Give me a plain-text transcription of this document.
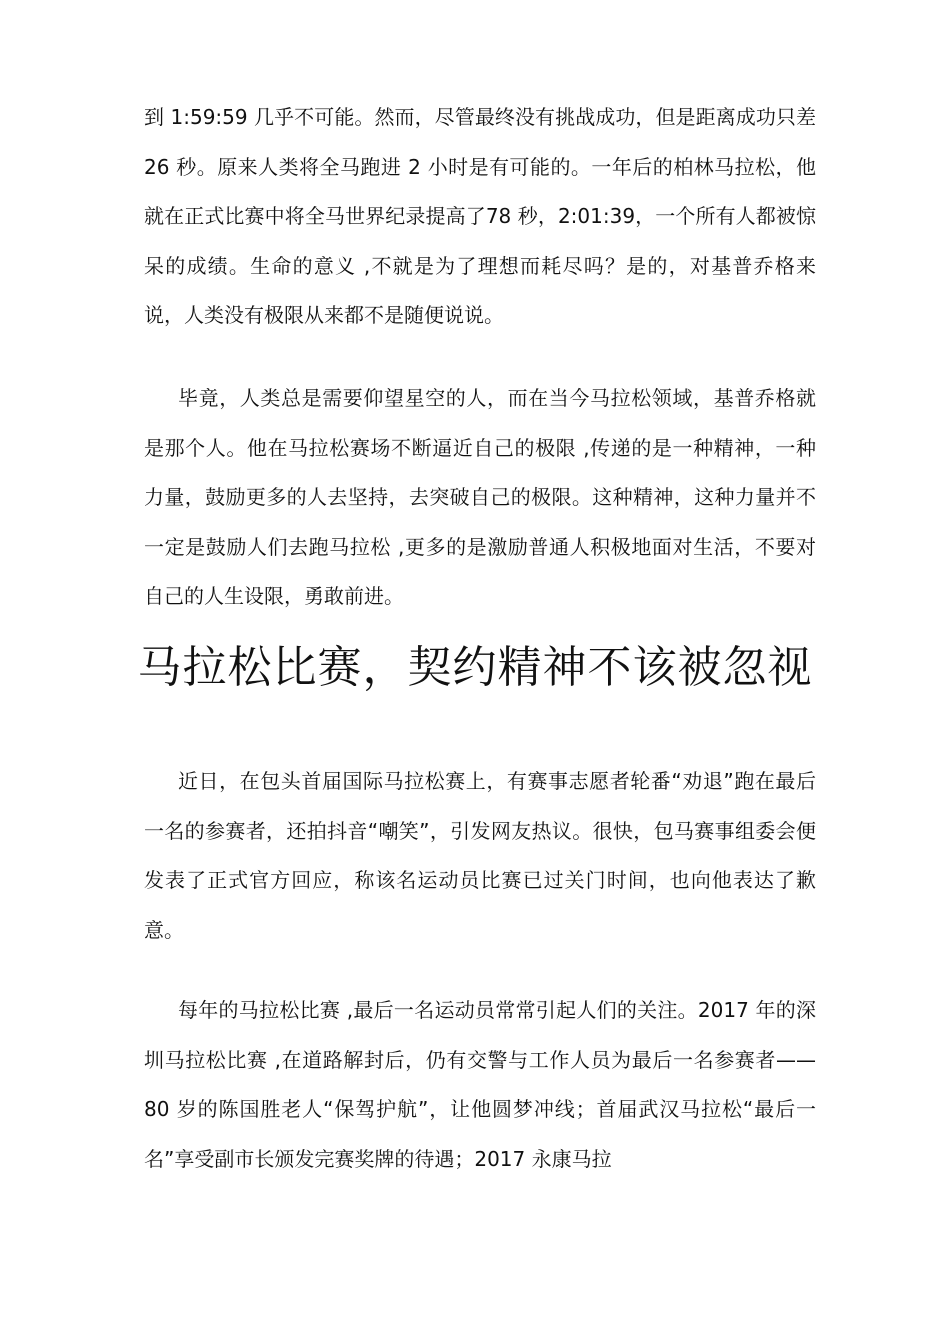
到 1:59:59 几乎不可能。然而，尽管最终没有挑战成功，但是距离成功只差 26 秒。原来人类将全马跑进 2 小时是有可能的。一年后的柏林马拉松，他就在正式比赛中将全马世界纪录提高了78 秒，2:01:39，一个所有人都被惊呆的成绩。生命的意义 ,不就是为了理想而耗尽吗？是的，对基普乔格来说，人类没有极限从来都不是随便说说。

毕竟，人类总是需要仰望星空的人，而在当今马拉松领域，基普乔格就是那个人。他在马拉松赛场不断逼近自己的极限 ,传递的是一种精神，一种力量，鼓励更多的人去坚持，去突破自己的极限。这种精神，这种力量并不一定是鼓励人们去跑马拉松 ,更多的是激励普通人积极地面对生活，不要对自己的人生设限，勇敢前进。

马拉松比赛，契约精神不该被忽视

近日，在包头首届国际马拉松赛上，有赛事志愿者轮番“劝退”跑在最后一名的参赛者，还拍抖音“嘲笑”，引发网友热议。很快，包马赛事组委会便发表了正式官方回应，称该名运动员比赛已过关门时间，也向他表达了歉意。

每年的马拉松比赛 ,最后一名运动员常常引起人们的关注。2017 年的深圳马拉松比赛 ,在道路解封后，仍有交警与工作人员为最后一名参赛者——80 岁的陈国胜老人“保驾护航”，让他圆梦冲线；首届武汉马拉松“最后一名”享受副市长颁发完赛奖牌的待遇；2017 永康马拉
